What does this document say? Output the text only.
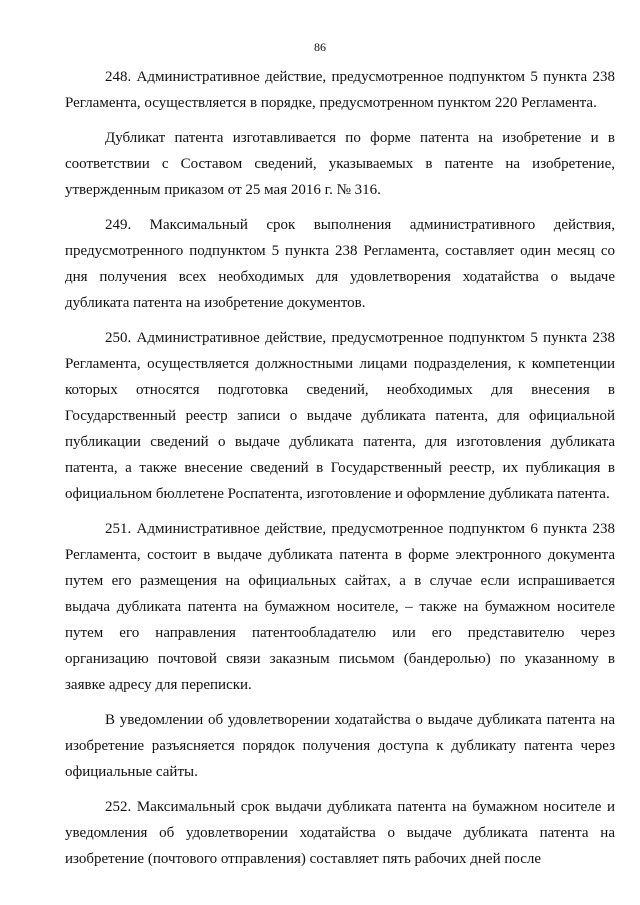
86

248. Административное действие, предусмотренное подпунктом 5 пункта 238 Регламента, осуществляется в порядке, предусмотренном пунктом 220 Регламента.

Дубликат патента изготавливается по форме патента на изобретение и в соответствии с Составом сведений, указываемых в патенте на изобретение, утвержденным приказом от 25 мая 2016 г. № 316.

249. Максимальный срок выполнения административного действия, предусмотренного подпунктом 5 пункта 238 Регламента, составляет один месяц со дня получения всех необходимых для удовлетворения ходатайства о выдаче дубликата патента на изобретение документов.

250. Административное действие, предусмотренное подпунктом 5 пункта 238 Регламента, осуществляется должностными лицами подразделения, к компетенции которых относятся подготовка сведений, необходимых для внесения в Государственный реестр записи о выдаче дубликата патента, для официальной публикации сведений о выдаче дубликата патента, для изготовления дубликата патента, а также внесение сведений в Государственный реестр, их публикация в официальном бюллетене Роспатента, изготовление и оформление дубликата патента.

251. Административное действие, предусмотренное подпунктом 6 пункта 238 Регламента, состоит в выдаче дубликата патента в форме электронного документа путем его размещения на официальных сайтах, а в случае если испрашивается выдача дубликата патента на бумажном носителе, – также на бумажном носителе путем его направления патентообладателю или его представителю через организацию почтовой связи заказным письмом (бандеролью) по указанному в заявке адресу для переписки.

В уведомлении об удовлетворении ходатайства о выдаче дубликата патента на изобретение разъясняется порядок получения доступа к дубликату патента через официальные сайты.

252. Максимальный срок выдачи дубликата патента на бумажном носителе и уведомления об удовлетворении ходатайства о выдаче дубликата патента на изобретение (почтового отправления) составляет пять рабочих дней после
